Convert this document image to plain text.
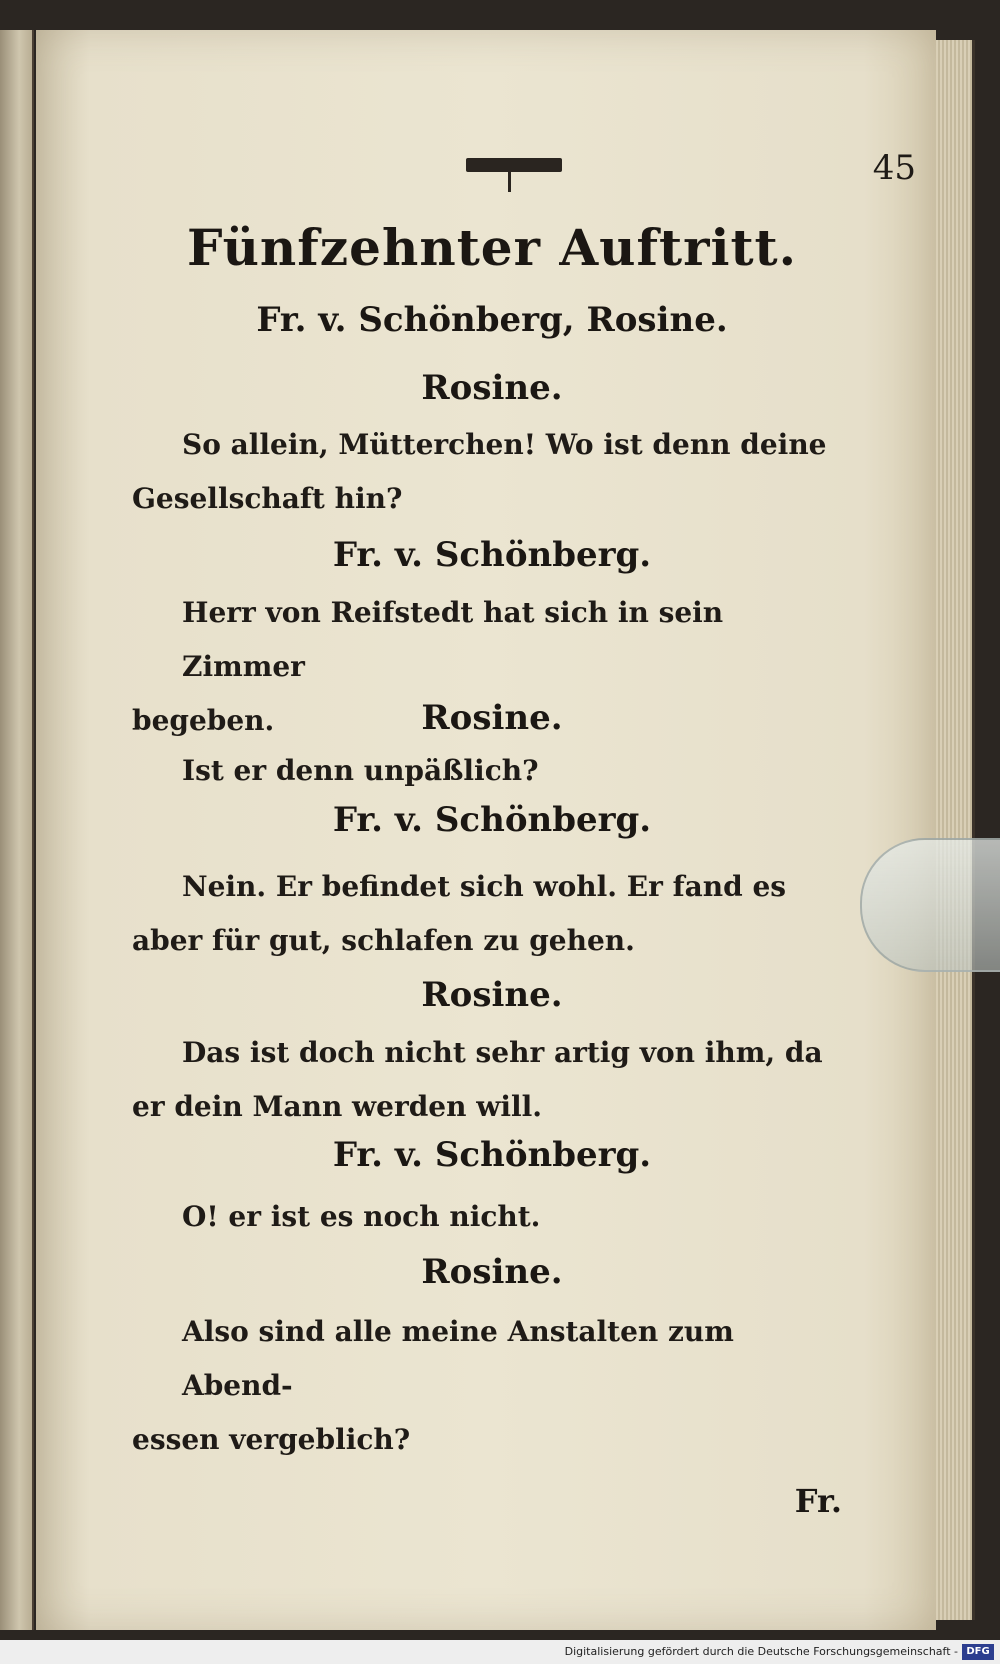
45
Fünfzehnter Auftritt.
Fr. v. Schönberg, Rosine.
Rosine.
So allein, Mütterchen! Wo ist denn deine
Gesellschaft hin?
Fr. v. Schönberg.
Herr von Reifstedt hat sich in sein Zimmer
begeben.	Rosine.
Ist er denn unpäßlich?
Fr. v. Schönberg.
Nein. Er befindet sich wohl. Er fand es
aber für gut, schlafen zu gehen.
Rosine.
Das ist doch nicht sehr artig von ihm, da
er dein Mann werden will.
Fr. v. Schönberg.
O! er ist es noch nicht.
Rosine.
Also sind alle meine Anstalten zum Abend-
essen vergeblich?
Fr.
Digitalisierung gefördert durch die Deutsche Forschungsgemeinschaft - DFG
